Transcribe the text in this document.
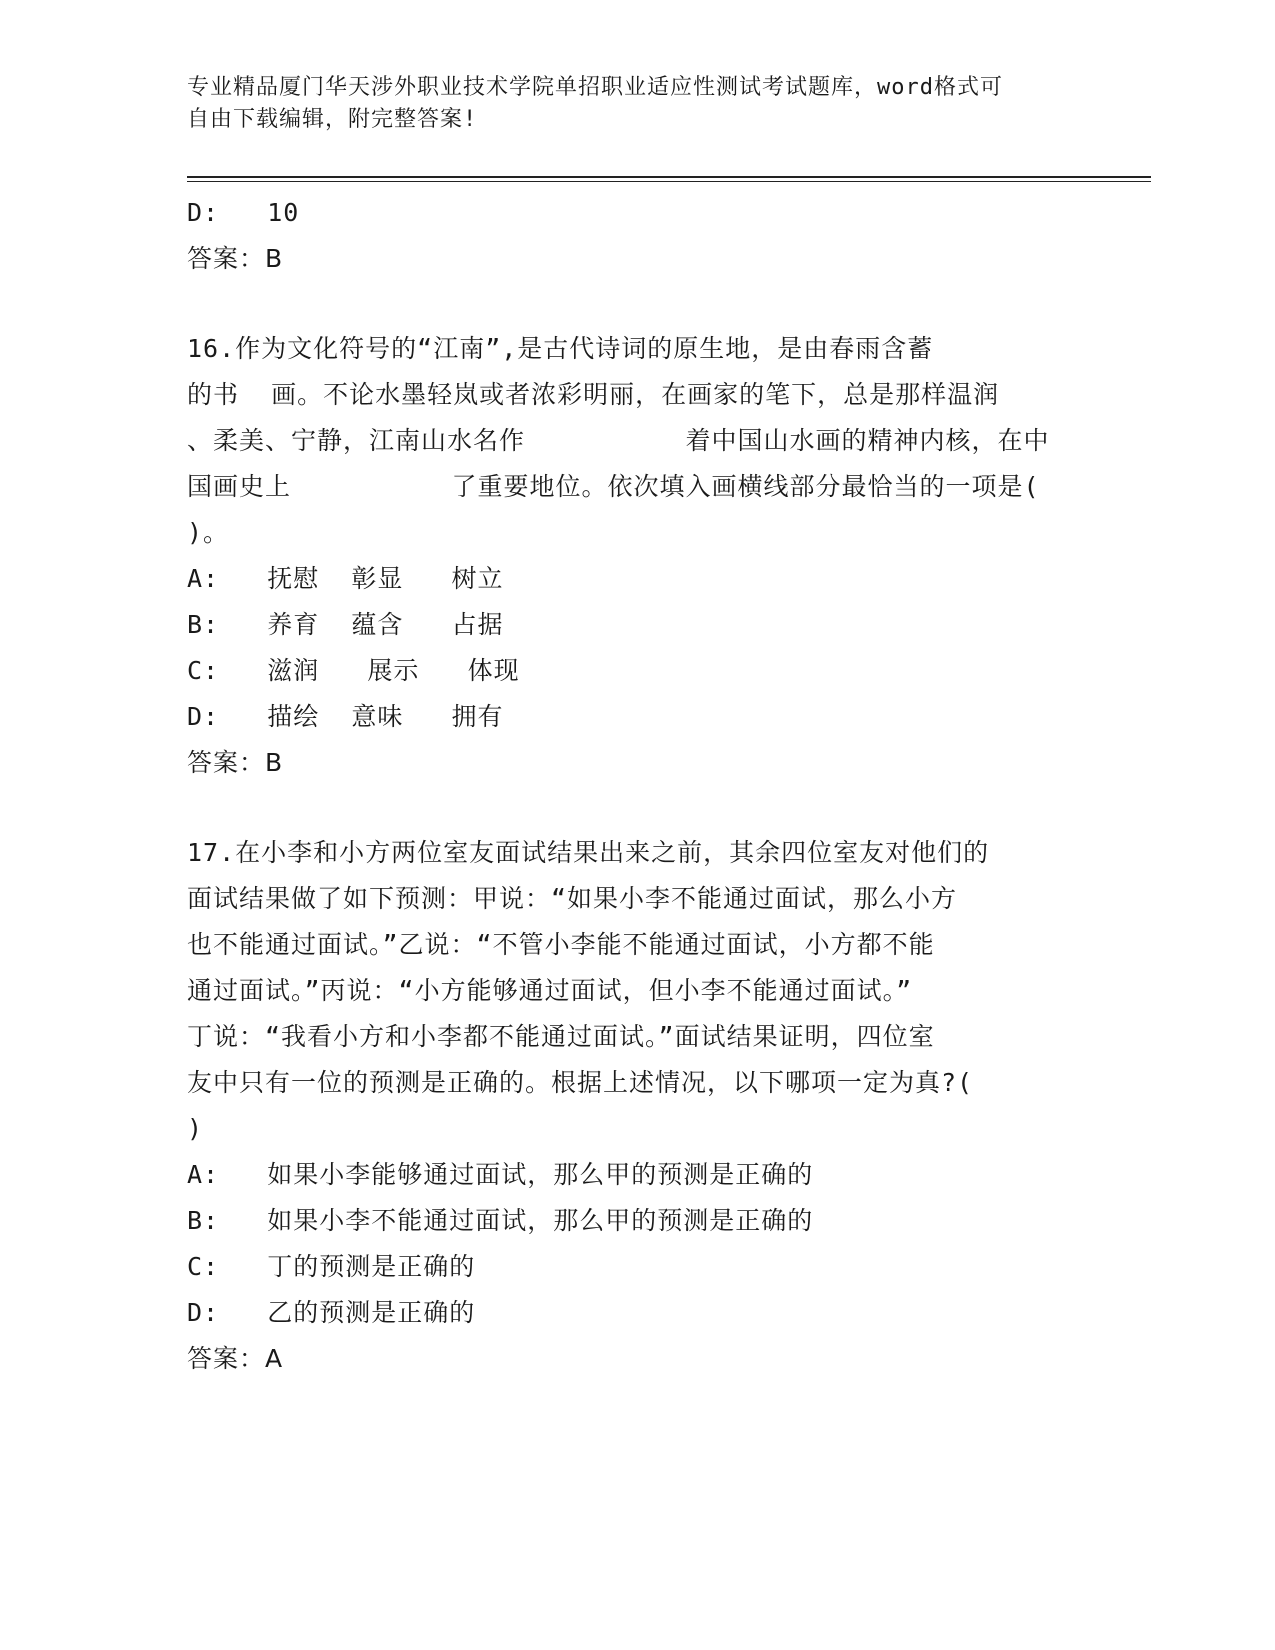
专业精品厦门华天涉外职业技术学院单招职业适应性测试考试题库，word格式可
自由下载编辑，附完整答案!
D:   10
答案：B
16.作为文化符号的“江南”,是古代诗词的原生地，是由春雨含蓄
的书  画。不论水墨轻岚或者浓彩明丽，在画家的笔下，总是那样温润
、柔美、宁静，江南山水名作          着中国山水画的精神内核，在中
国画史上          了重要地位。依次填入画横线部分最恰当的一项是(
)。
A:   抚慰  彰显   树立
B:   养育  蕴含   占据
C:   滋润   展示   体现
D:   描绘  意味   拥有
答案：B
17.在小李和小方两位室友面试结果出来之前，其余四位室友对他们的
面试结果做了如下预测：甲说：“如果小李不能通过面试，那么小方
也不能通过面试。”乙说：“不管小李能不能通过面试，小方都不能
通过面试。”丙说：“小方能够通过面试，但小李不能通过面试。”
丁说：“我看小方和小李都不能通过面试。”面试结果证明，四位室
友中只有一位的预测是正确的。根据上述情况，以下哪项一定为真?(
)
A:   如果小李能够通过面试，那么甲的预测是正确的
B:   如果小李不能通过面试，那么甲的预测是正确的
C:   丁的预测是正确的
D:   乙的预测是正确的
答案：A
